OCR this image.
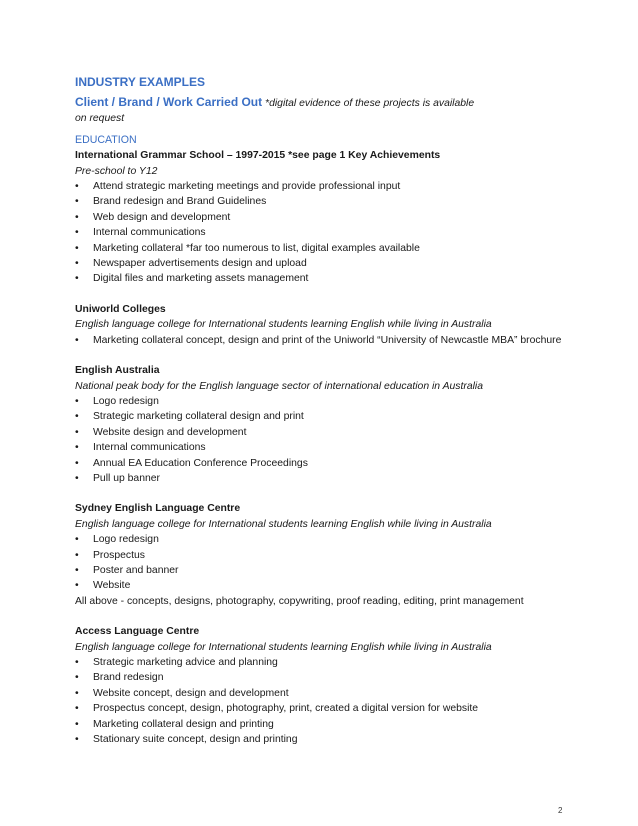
INDUSTRY EXAMPLES
Client / Brand / Work Carried Out *digital evidence of these projects is available
on request
EDUCATION
International Grammar School – 1997-2015 *see page 1 Key Achievements
Pre-school to Y12
• Attend strategic marketing meetings and provide professional input
• Brand redesign and Brand Guidelines
• Web design and development
• Internal communications
• Marketing collateral *far too numerous to list, digital examples available
• Newspaper advertisements design and upload
• Digital files and marketing assets management
Uniworld Colleges
English language college for International students learning English while living in Australia
• Marketing collateral concept, design and print of the Uniworld “University of Newcastle MBA” brochure
English Australia
National peak body for the English language sector of international education in Australia
• Logo redesign
• Strategic marketing collateral design and print
• Website design and development
• Internal communications
• Annual EA Education Conference Proceedings
• Pull up banner
Sydney English Language Centre
English language college for International students learning English while living in Australia
• Logo redesign
• Prospectus
• Poster and banner
• Website
All above - concepts, designs, photography, copywriting, proof reading, editing, print management
Access Language Centre
English language college for International students learning English while living in Australia
• Strategic marketing advice and planning
• Brand redesign
• Website concept, design and development
• Prospectus concept, design, photography, print, created a digital version for website
• Marketing collateral design and printing
• Stationary suite concept, design and printing
2
